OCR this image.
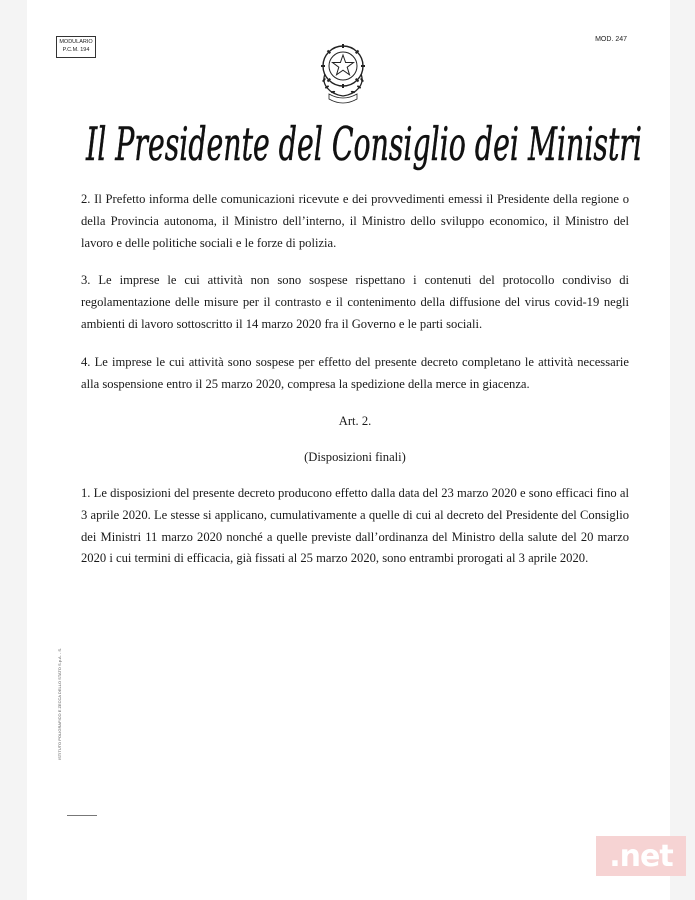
MODULARIO
P.C.M. 194
MOD. 247
Il Presidente del Consiglio dei Ministri

2. Il Prefetto informa delle comunicazioni ricevute e dei provvedimenti emessi il Presidente della regione o della Provincia autonoma, il Ministro dell’interno, il Ministro dello sviluppo economico, il Ministro del lavoro e delle politiche sociali e le forze di polizia.

3. Le imprese le cui attività non sono sospese rispettano i contenuti del protocollo condiviso di regolamentazione delle misure per il contrasto e il contenimento della diffusione del virus covid-19 negli ambienti di lavoro sottoscritto il 14 marzo 2020 fra il Governo e le parti sociali.

4. Le imprese le cui attività sono sospese per effetto del presente decreto completano le attività necessarie alla sospensione entro il 25 marzo 2020, compresa la spedizione della merce in giacenza.

Art. 2.

(Disposizioni finali)

1. Le disposizioni del presente decreto producono effetto dalla data del 23 marzo 2020 e sono efficaci fino al 3 aprile 2020. Le stesse si applicano, cumulativamente a quelle di cui al decreto del Presidente del Consiglio dei Ministri 11 marzo 2020 nonché a quelle previste dall’ordinanza del Ministro della salute del 20 marzo 2020 i cui termini di efficacia, già fissati al 25 marzo 2020, sono entrambi prorogati al 3 aprile 2020.

ISTITUTO POLIGRAFICO E ZECCA DELLO STATO S.p.A. - S.
.net
